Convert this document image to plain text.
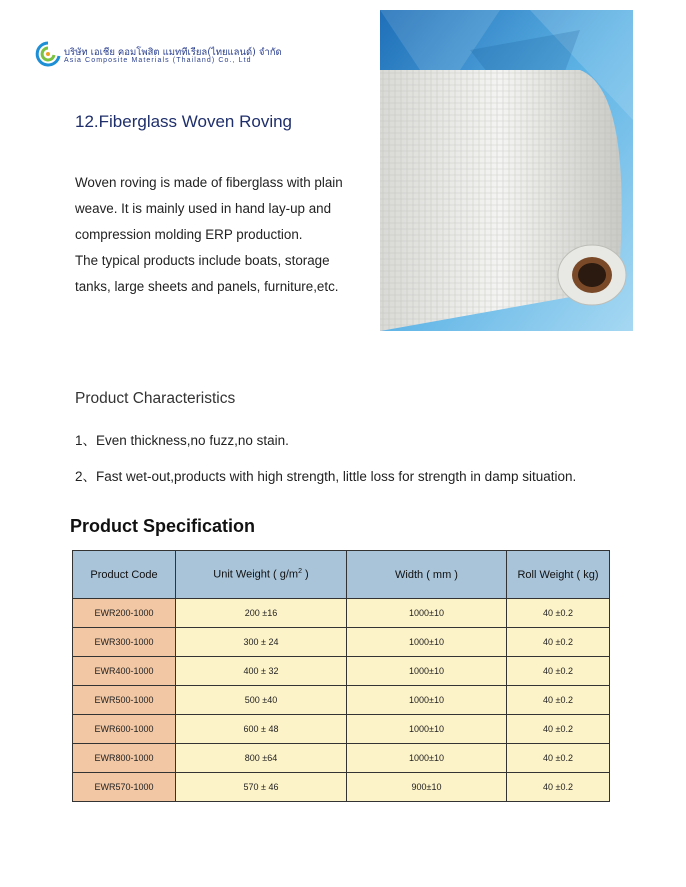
บริษัท เอเชีย คอมโพสิต แมททีเรียล(ไทยแลนด์) จำกัด
Asia Composite Materials (Thailand) Co., Ltd
12.Fiberglass Woven Roving

Woven roving is made of fiberglass with plain

weave. It is mainly used in hand lay-up and

compression molding ERP production.

The typical products include boats, storage

tanks, large sheets and panels, furniture,etc.

Product Characteristics
1、Even thickness,no fuzz,no stain.
2、Fast wet-out,products with high strength, little loss for strength in damp situation.
Product Specification
Product Code	Unit Weight ( $g/m^2$ )	Width ( mm )	Roll Weight ( kg)
EWR200-1000	200 ±16	1000±10	40 ±0.2
EWR300-1000	300 ± 24	1000±10	40 ±0.2
EWR400-1000	400 ± 32	1000±10	40 ±0.2
EWR500-1000	500 ±40	1000±10	40 ±0.2
EWR600-1000	600 ± 48	1000±10	40 ±0.2
EWR800-1000	800 ±64	1000±10	40 ±0.2
EWR570-1000	570 ± 46	900±10	40 ±0.2
